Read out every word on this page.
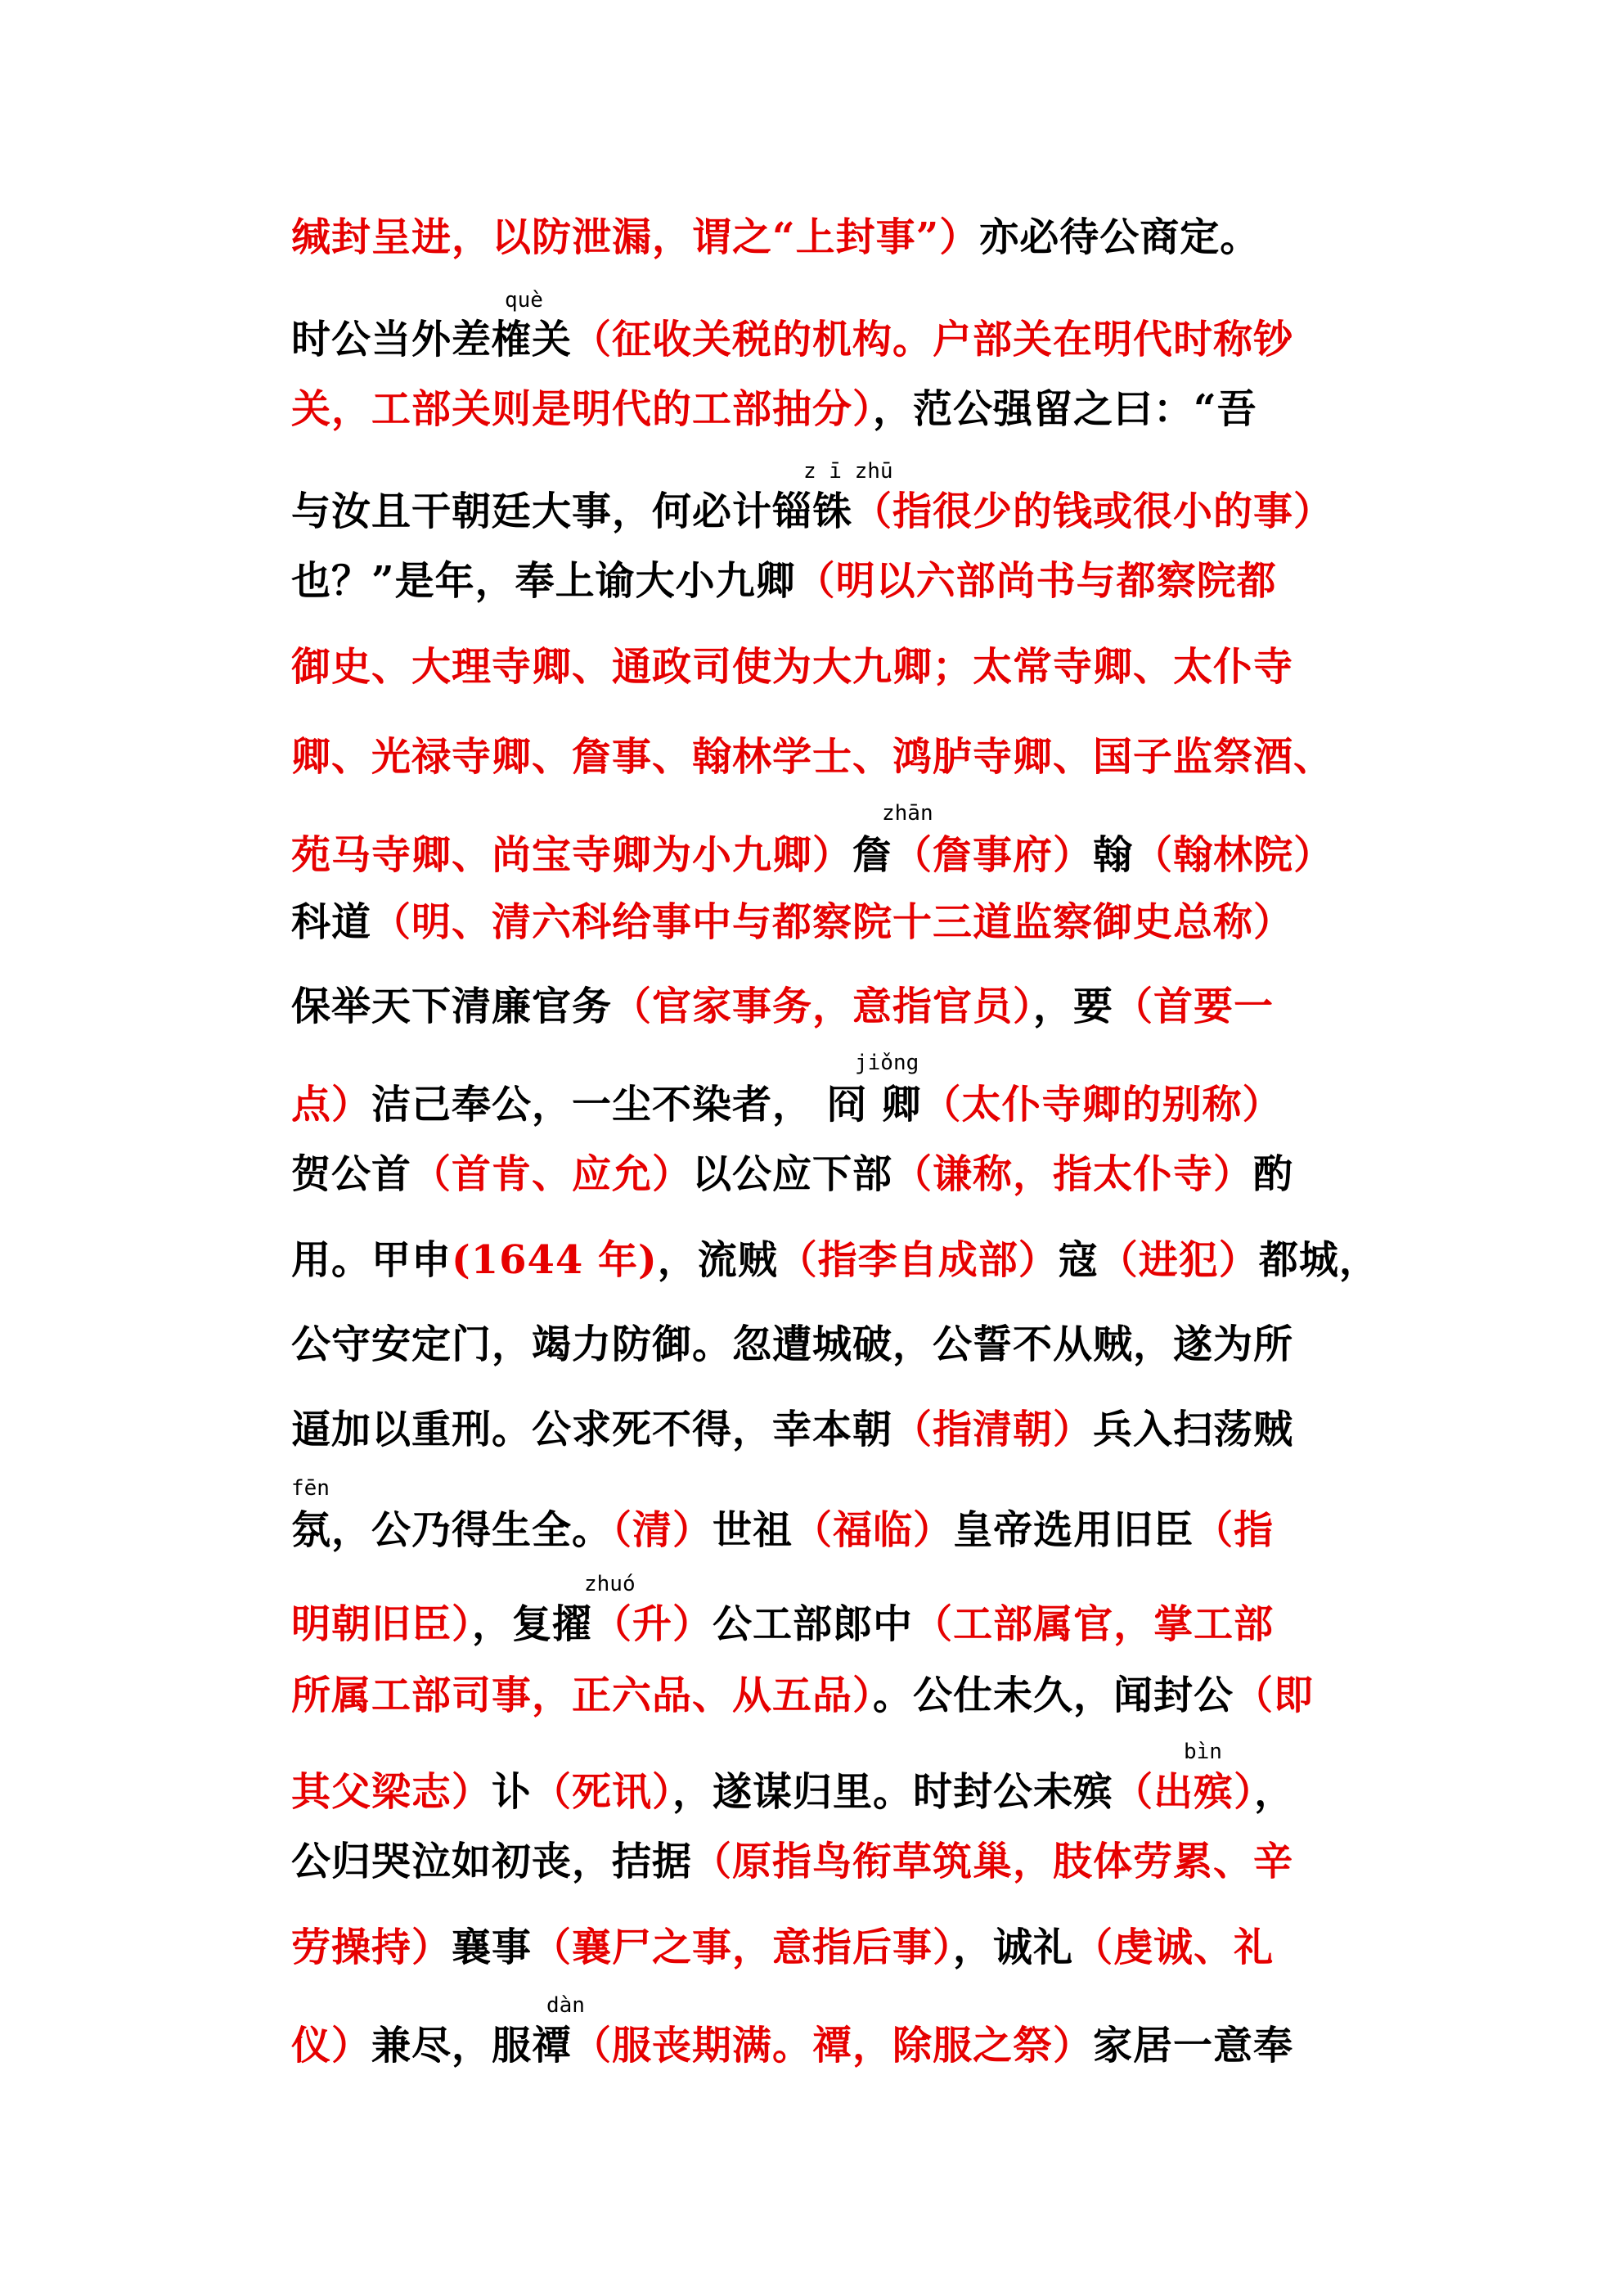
缄封呈进，以防泄漏，谓之“上封事”）亦必待公商定。
时公当外差榷关（征收关税的机构。户部关在明代时称钞
关，工部关则是明代的工部抽分），范公强留之曰：“吾
与汝且干朝廷大事，何必计锱铢（指很少的钱或很小的事）
也？”是年，奉上谕大小九卿（明以六部尚书与都察院都
御史、大理寺卿、通政司使为大九卿；太常寺卿、太仆寺
卿、光禄寺卿、詹事、翰林学士、鸿胪寺卿、国子监祭酒、
苑马寺卿、尚宝寺卿为小九卿）詹（詹事府）翰（翰林院）
科道（明、清六科给事中与都察院十三道监察御史总称）
保举天下清廉官务（官家事务，意指官员），要（首要一
点）洁己奉公，一尘不染者， 冏 卿（太仆寺卿的别称）
贺公首（首肯、应允）以公应下部（谦称，指太仆寺）酌
用。甲申(1644 年)，流贼（指李自成部）寇（进犯）都城，
公守安定门，竭力防御。忽遭城破，公誓不从贼，遂为所
逼加以重刑。公求死不得，幸本朝（指清朝）兵入扫荡贼
氛，公乃得生全。（清）世祖（福临）皇帝选用旧臣（指
明朝旧臣），复擢（升）公工部郎中（工部属官，掌工部
所属工部司事，正六品、从五品）。公仕未久，闻封公（即
其父梁志）讣（死讯），遂谋归里。时封公未殡（出殡），
公归哭泣如初丧，拮据（原指鸟衔草筑巢，肢体劳累、辛
劳操持）襄事（襄尸之事，意指后事），诚礼（虔诚、礼
仪）兼尽，服禫（服丧期满。禫，除服之祭）家居一意奉
què
z ī zhū
zhān
jiǒng
fēn
zhuó
bìn
dàn
